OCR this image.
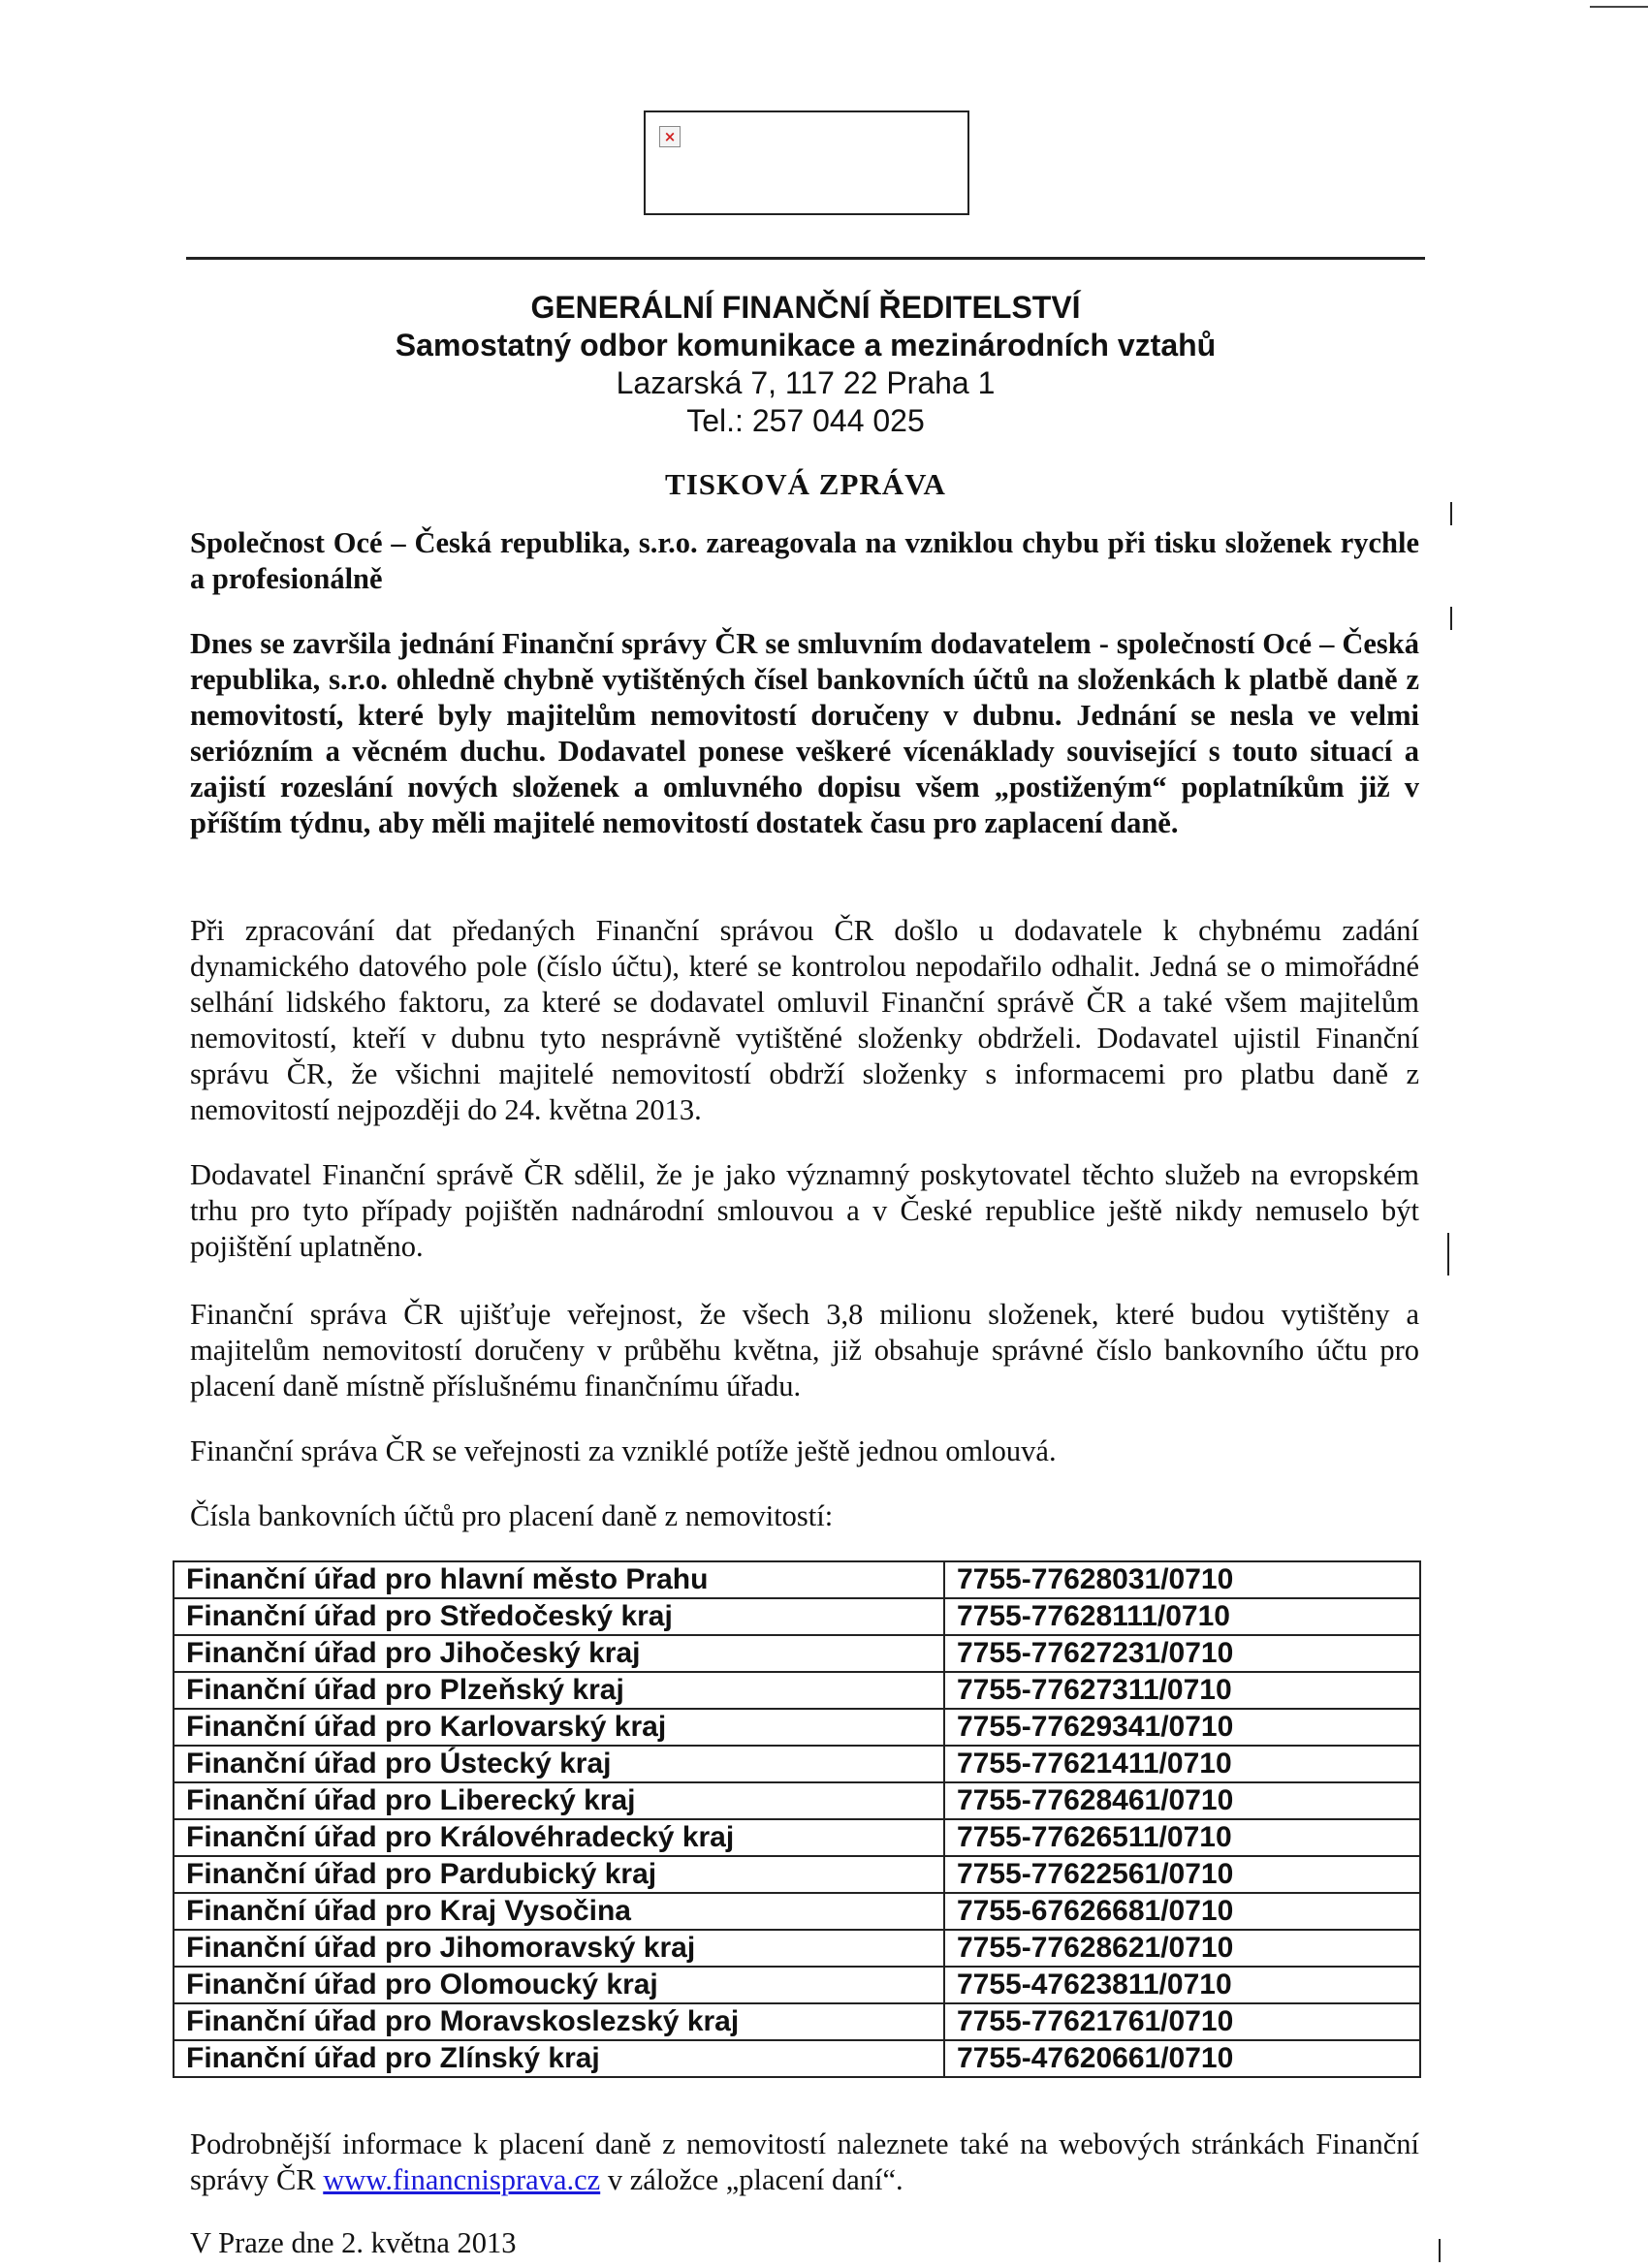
×
GENERÁLNÍ FINANČNÍ ŘEDITELSTVÍ
Samostatný odbor komunikace a mezinárodních vztahů
Lazarská 7, 117 22 Praha 1
Tel.: 257 044 025
TISKOVÁ ZPRÁVA
Společnost Océ – Česká republika, s.r.o. zareagovala na vzniklou chybu při tisku složenek rychle a profesionálně
Dnes se završila jednání Finanční správy ČR se smluvním dodavatelem - společností Océ – Česká republika, s.r.o. ohledně chybně vytištěných čísel bankovních účtů na složenkách k platbě daně z nemovitostí, které byly majitelům nemovitostí doručeny v dubnu. Jednání se nesla ve velmi seriózním a věcném duchu. Dodavatel ponese veškeré vícenáklady související s touto situací a zajistí rozeslání nových složenek a omluvného dopisu všem „postiženým“ poplatníkům již v příštím týdnu, aby měli majitelé nemovitostí dostatek času pro zaplacení daně.
Při zpracování dat předaných Finanční správou ČR došlo u dodavatele k chybnému zadání dynamického datového pole (číslo účtu), které se kontrolou nepodařilo odhalit. Jedná se o mimořádné selhání lidského faktoru, za které se dodavatel omluvil Finanční správě ČR a také všem majitelům nemovitostí, kteří v dubnu tyto nesprávně vytištěné složenky obdrželi. Dodavatel ujistil Finanční správu ČR, že všichni majitelé nemovitostí obdrží složenky s informacemi pro platbu daně z nemovitostí nejpozději do 24. května 2013.
Dodavatel Finanční správě ČR sdělil, že je jako významný poskytovatel těchto služeb na evropském trhu pro tyto případy pojištěn nadnárodní smlouvou a v České republice ještě nikdy nemuselo být pojištění uplatněno.
Finanční správa ČR ujišťuje veřejnost, že všech 3,8 milionu složenek, které budou vytištěny a majitelům nemovitostí doručeny v průběhu května, již obsahuje správné číslo bankovního účtu pro placení daně místně příslušnému finančnímu úřadu.
Finanční správa ČR se veřejnosti za vzniklé potíže ještě jednou omlouvá.
Čísla bankovních účtů pro placení daně z nemovitostí:
Finanční úřad pro hlavní město Prahu	7755-77628031/0710
Finanční úřad pro Středočeský kraj	7755-77628111/0710
Finanční úřad pro Jihočeský kraj	7755-77627231/0710
Finanční úřad pro Plzeňský kraj	7755-77627311/0710
Finanční úřad pro Karlovarský kraj	7755-77629341/0710
Finanční úřad pro Ústecký kraj	7755-77621411/0710
Finanční úřad pro Liberecký kraj	7755-77628461/0710
Finanční úřad pro Královéhradecký kraj	7755-77626511/0710
Finanční úřad pro Pardubický kraj	7755-77622561/0710
Finanční úřad pro Kraj Vysočina	7755-67626681/0710
Finanční úřad pro Jihomoravský kraj	7755-77628621/0710
Finanční úřad pro Olomoucký kraj	7755-47623811/0710
Finanční úřad pro Moravskoslezský kraj	7755-77621761/0710
Finanční úřad pro Zlínský kraj	7755-47620661/0710
Podrobnější informace k placení daně z nemovitostí naleznete také na webových stránkách Finanční správy ČR www.financnisprava.cz v záložce „placení daní“.
V Praze dne 2. května 2013
